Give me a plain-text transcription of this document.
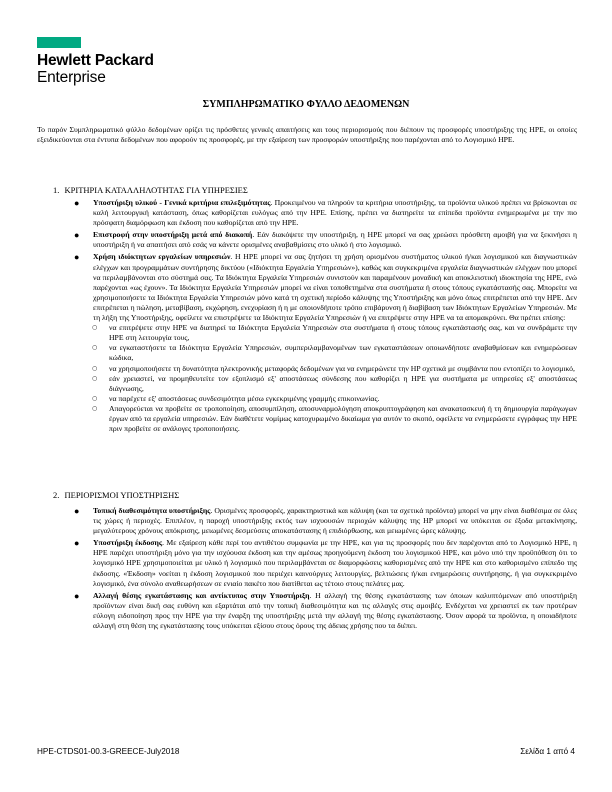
Hewlett Packard
Enterprise
ΣΥΜΠΛΗΡΩΜΑΤΙΚΟ ΦΥΛΛΟ ΔΕΔΟΜΕΝΩΝ

Το παρόν Συμπληρωματικό φύλλο δεδομένων ορίζει τις πρόσθετες γενικές απαιτήσεις και τους περιορισμούς που διέπουν τις προσφορές υποστήριξης της HPE, οι οποίες εξειδικεύονται στα έντυπα δεδομένων που αφορούν τις προσφορές, με την εξαίρεση των προσφορών υποστήριξης που παρέχονται από το Λογισμικό HPE.

1. ΚΡΙΤΗΡΙΑ ΚΑΤΑΛΛΗΛΟΤΗΤΑΣ ΓΙΑ ΥΠΗΡΕΣΙΕΣ
● Υποστήριξη υλικού - Γενικά κριτήρια επιλεξιμότητας. Προκειμένου να πληρούν τα κριτήρια υποστήριξης, τα προϊόντα υλικού πρέπει να βρίσκονται σε καλή λειτουργική κατάσταση, όπως καθορίζεται ευλόγως από την HPE. Επίσης, πρέπει να διατηρείτε τα επίπεδα προϊόντα ενημερωμένα με την πιο πρόσφατη διαμόρφωση και έκδοση που καθορίζεται από την HPE.
● Επιστροφή στην υποστήριξη μετά από διακοπή. Εάν διακόψετε την υποστήριξη, η HPE μπορεί να σας χρεώσει πρόσθετη αμοιβή για να ξεκινήσει η υποστήριξη ή να απαιτήσει από εσάς να κάνετε ορισμένες αναβαθμίσεις στο υλικό ή στο λογισμικό.
● Χρήση ιδιόκτητων εργαλείων υπηρεσιών. Η HPE μπορεί να σας ζητήσει τη χρήση ορισμένου συστήματος υλικού ή/και λογισμικού και διαγνωστικών ελέγχων και προγραμμάτων συντήρησης δικτύου («Ιδιόκτητα Εργαλεία Υπηρεσιών»), καθώς και συγκεκριμένα εργαλεία διαγνωστικών ελέγχων που μπορεί να περιλαμβάνονται στο σύστημά σας. Τα Ιδιόκτητα Εργαλεία Υπηρεσιών συνιστούν και παραμένουν μοναδική και αποκλειστική ιδιοκτησία της HPE, ενώ παρέχονται «ως έχουν». Τα Ιδιόκτητα Εργαλεία Υπηρεσιών μπορεί να είναι τοποθετημένα στα συστήματα ή στους τόπους εγκατάστασής σας. Μπορείτε να χρησιμοποιήσετε τα Ιδιόκτητα Εργαλεία Υπηρεσιών μόνο κατά τη σχετική περίοδο κάλυψης της Υποστήριξης και μόνο όπως επιτρέπεται από την HPE. Δεν επιτρέπεται η πώληση, μεταβίβαση, εκχώρηση, ενεχυρίαση ή η με οποιονδήποτε τρόπο επιβάρυνση ή διαβίβαση των Ιδιόκτητων Εργαλείων Υπηρεσιών. Με τη λήξη της Υποστήριξης, οφείλετε να επιστρέψετε τα Ιδιόκτητα Εργαλεία Υπηρεσιών ή να επιτρέψετε στην HPE να τα απομακρύνει. Θα πρέπει επίσης:
○ να επιτρέψετε στην HPE να διατηρεί τα Ιδιόκτητα Εργαλεία Υπηρεσιών στα συστήματα ή στους τόπους εγκατάστασής σας, και να συνδράμετε την HPE στη λειτουργία τους,
○ να εγκαταστήσετε τα Ιδιόκτητα Εργαλεία Υπηρεσιών, συμπεριλαμβανομένων των εγκαταστάσεων οποιωνδήποτε αναβαθμίσεων και ενημερώσεων κώδικα,
○ να χρησιμοποιήσετε τη δυνατότητα ηλεκτρονικής μεταφοράς δεδομένων για να ενημερώνετε την HP σχετικά με συμβάντα που εντοπίζει το λογισμικό,
○ εάν χρειαστεί, να προμηθευτείτε τον εξοπλισμό εξ' αποστάσεως σύνδεσης που καθορίζει η HPE για συστήματα με υπηρεσίες εξ' αποστάσεως διάγνωσης,
○ να παρέχετε εξ' αποστάσεως συνδεσιμότητα μέσω εγκεκριμένης γραμμής επικοινωνίας.
○ Απαγορεύεται να προβείτε σε τροποποίηση, αποσυμπίληση, αποσυναρμολόγηση αποκρυπτογράφηση και ανακατασκευή ή τη δημιουργία παράγωγων έργων από τα εργαλεία υπηρεσιών. Εάν διαθέτετε νομίμως κατοχυρωμένο δικαίωμα για αυτόν το σκοπό, οφείλετε να ενημερώσετε εγγράφως την HPE πριν προβείτε σε ανάλογες τροποποιήσεις.
2. ΠΕΡΙΟΡΙΣΜΟΙ ΥΠΟΣΤΗΡΙΞΗΣ
● Τοπική διαθεσιμότητα υποστήριξης. Ορισμένες προσφορές, χαρακτηριστικά και κάλυψη (και τα σχετικά προϊόντα) μπορεί να μην είναι διαθέσιμα σε όλες τις χώρες ή περιοχές. Επιπλέον, η παροχή υποστήριξης εκτός των ισχυουσών περιοχών κάλυψης της HP μπορεί να υπόκειται σε έξοδα μετακίνησης, μεγαλύτερους χρόνους απόκρισης, μειωμένες δεσμεύσεις αποκατάστασης ή επιδιόρθωσης, και μειωμένες ώρες κάλυψης.
● Υποστήριξη έκδοσης. Με εξαίρεση κάθε περί του αντιθέτου συμφωνία με την HPE, και για τις προσφορές που δεν παρέχονται από το Λογισμικό HPE, η HPE παρέχει υποστήριξη μόνο για την ισχύουσα έκδοση και την αμέσως προηγούμενη έκδοση του λογισμικού HPE, και μόνο υπό την προϋπόθεση ότι το λογισμικό HPE χρησιμοποιείται με υλικό ή λογισμικό που περιλαμβάνεται σε διαμορφώσεις καθορισμένες από την HPE και στο καθορισμένο επίπεδο της έκδοσης. «Έκδοση» νοείται η έκδοση λογισμικού που περιέχει καινούργιες λειτουργίες, βελτιώσεις ή/και ενημερώσεις συντήρησης, ή για συγκεκριμένο λογισμικό, ένα σύνολο αναθεωρήσεων σε ενιαίο πακέτο που διατίθεται ως τέτοιο στους πελάτες μας.
● Αλλαγή θέσης εγκατάστασης και αντίκτυπος στην Υποστήριξη. Η αλλαγή της θέσης εγκατάστασης των όποιων καλυπτόμενων από υποστήριξη προϊόντων είναι δική σας ευθύνη και εξαρτάται από την τοπική διαθεσιμότητα και τις αλλαγές στις αμοιβές. Ενδέχεται να χρειαστεί εκ των προτέρων εύλογη ειδοποίηση προς την HPE για την έναρξη της υποστήριξης μετά την αλλαγή της θέσης εγκατάστασης. Όσον αφορά τα προϊόντα, η οποιαδήποτε αλλαγή στη θέση της εγκατάστασης τους υπόκειται εξίσου στους όρους της άδειας χρήσης που τα διέπει.
HPE-CTDS01-00.3-GREECE-July2018	Σελίδα 1 από 4
